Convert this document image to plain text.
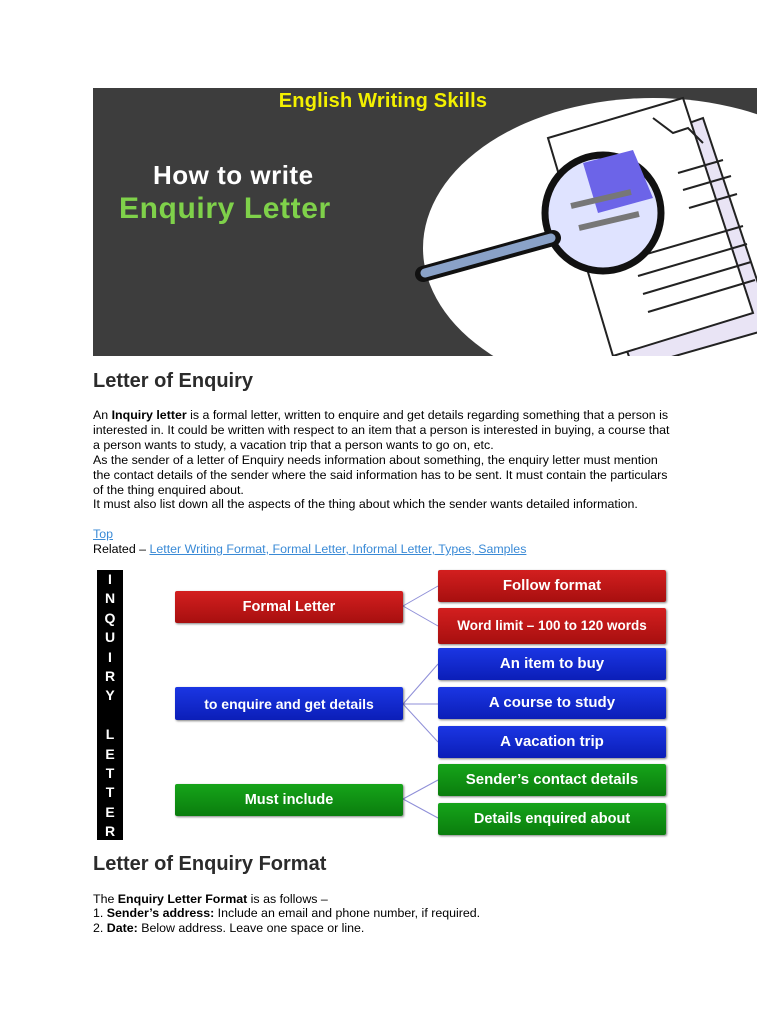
English Writing Skills
How to write
Enquiry Letter
Letter of Enquiry

An Inquiry letter is a formal letter, written to enquire and get details regarding something that a person is interested in. It could be written with respect to an item that a person is interested in buying, a course that a person wants to study, a vacation trip that a person wants to go on, etc.

As the sender of a letter of Enquiry needs information about something, the enquiry letter must mention the contact details of the sender where the said information has to be sent. It must contain the particulars of the thing enquired about.

It must also list down all the aspects of the thing about which the sender wants detailed information.

Top

Related – Letter Writing Format, Formal Letter, Informal Letter, Types, Samples

I
N
Q
U
I
R
Y
L
E
T
T
E
R
Formal Letter
to enquire and get details
Must include
Follow format
Word limit – 100 to 120 words
An item to buy
A course to study
A vacation trip
Sender’s contact details
Details enquired about
Letter of Enquiry Format

The Enquiry Letter Format is as follows –

1. Sender’s address: Include an email and phone number, if required.

2. Date: Below address. Leave one space or line.
